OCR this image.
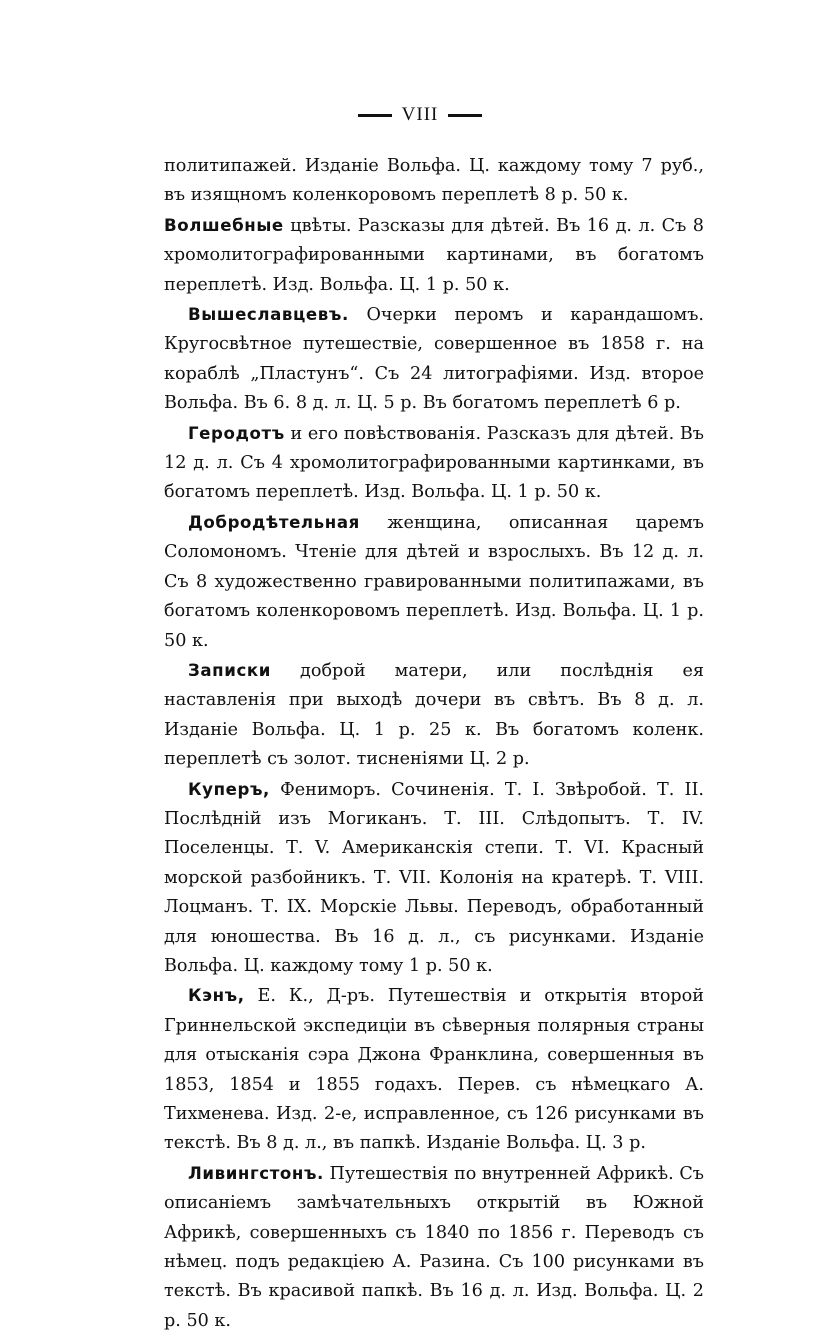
VIII

политипажей. Изданіе Вольфа. Ц. каждому тому 7 руб., въ изящномъ коленкоровомъ переплетѣ 8 р. 50 к.

Волшебные цвѣты. Разсказы для дѣтей. Въ 16 д. л. Съ 8 хромолитографированными картинами, въ богатомъ переплетѣ. Изд. Вольфа. Ц. 1 р. 50 к.

Вышеславцевъ. Очерки перомъ и карандашомъ. Кругосвѣтное путешествіе, совершенное въ 1858 г. на кораблѣ „Пластунъ“. Съ 24 литографіями. Изд. второе Вольфа. Въ 6. 8 д. л. Ц. 5 р. Въ богатомъ переплетѣ 6 р.

Геродотъ и его повѣствованія. Разсказъ для дѣтей. Въ 12 д. л. Съ 4 хромолитографированными картинками, въ богатомъ переплетѣ. Изд. Вольфа. Ц. 1 р. 50 к.

Добродѣтельная женщина, описанная царемъ Соломономъ. Чтеніе для дѣтей и взрослыхъ. Въ 12 д. л. Съ 8 художественно гравированными политипажами, въ богатомъ коленкоровомъ переплетѣ. Изд. Вольфа. Ц. 1 р. 50 к.

Записки доброй матери, или послѣднія ея наставленія при выходѣ дочери въ свѣтъ. Въ 8 д. л. Изданіе Вольфа. Ц. 1 р. 25 к. Въ богатомъ коленк. переплетѣ съ золот. тисненіями Ц. 2 р.

Куперъ, Фениморъ. Сочиненія. Т. I. Звѣробой. Т. II. Послѣдній изъ Могиканъ. Т. III. Слѣдопытъ. Т. IV. Поселенцы. Т. V. Американскія степи. Т. VI. Красный морской разбойникъ. Т. VII. Колонія на кратерѣ. Т. VIII. Лоцманъ. Т. IX. Морскіе Львы. Переводъ, обработанный для юношества. Въ 16 д. л., съ рисунками. Изданіе Вольфа. Ц. каждому тому 1 р. 50 к.

Кэнъ, Е. К., Д-ръ. Путешествія и открытія второй Гриннельской экспедиціи въ сѣверныя полярныя страны для отысканія сэра Джона Франклина, совершенныя въ 1853, 1854 и 1855 годахъ. Перев. съ нѣмецкаго А. Тихменева. Изд. 2-е, исправленное, съ 126 рисунками въ текстѣ. Въ 8 д. л., въ папкѣ. Изданіе Вольфа. Ц. 3 р.

Ливингстонъ. Путешествія по внутренней Африкѣ. Съ описаніемъ замѣчательныхъ открытій въ Южной Африкѣ, совершенныхъ съ 1840 по 1856 г. Переводъ съ нѣмец. подъ редакціею А. Разина. Съ 100 рисунками въ текстѣ. Въ красивой папкѣ. Въ 16 д. л. Изд. Вольфа. Ц. 2 р. 50 к.
